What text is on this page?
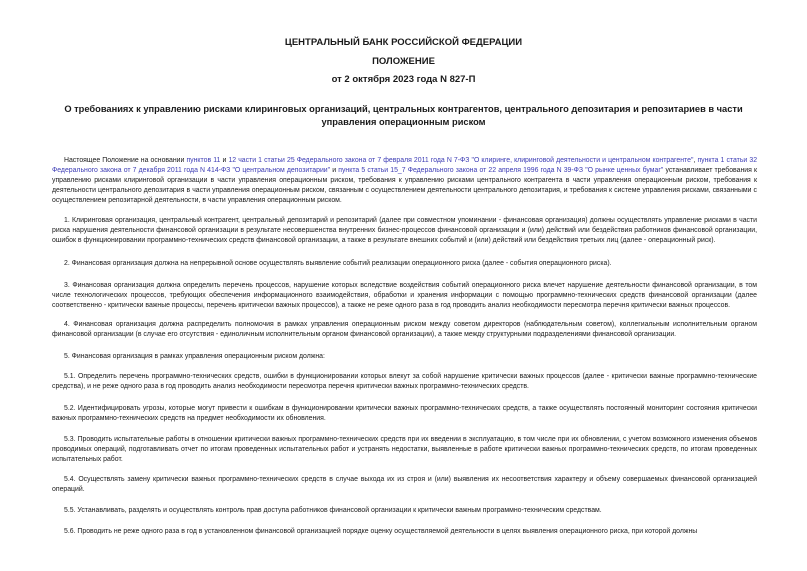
ЦЕНТРАЛЬНЫЙ БАНК РОССИЙСКОЙ ФЕДЕРАЦИИ
ПОЛОЖЕНИЕ
от 2 октября 2023 года N 827-П
О требованиях к управлению рисками клиринговых организаций, центральных контрагентов, центрального депозитария и репозитариев в части управления операционным риском

Настоящее Положение на основании пунктов 11 и 12 части 1 статьи 25 Федерального закона от 7 февраля 2011 года N 7-ФЗ "О клиринге, клиринговой деятельности и центральном контрагенте", пункта 1 статьи 32 Федерального закона от 7 декабря 2011 года N 414-ФЗ "О центральном депозитарии" и пункта 5 статьи 15_7 Федерального закона от 22 апреля 1996 года N 39-ФЗ "О рынке ценных бумаг" устанавливает требования к управлению рисками клиринговой организации в части управления операционным риском, требования к управлению рисками центрального контрагента в части управления операционным риском, требования к деятельности центрального депозитария в части управления операционным риском, связанным с осуществлением деятельности центрального депозитария, и требования к системе управления рисками, связанными с осуществлением репозитарной деятельности, в части управления операционным риском.

1. Клиринговая организация, центральный контрагент, центральный депозитарий и репозитарий (далее при совместном упоминании - финансовая организация) должны осуществлять управление рисками в части риска нарушения деятельности финансовой организации в результате несовершенства внутренних бизнес-процессов финансовой организации и (или) действий или бездействия работников финансовой организации, ошибок в функционировании программно-технических средств финансовой организации, а также в результате внешних событий и (или) действий или бездействия третьих лиц (далее - операционный риск).

2. Финансовая организация должна на непрерывной основе осуществлять выявление событий реализации операционного риска (далее - события операционного риска).

3. Финансовая организация должна определить перечень процессов, нарушение которых вследствие воздействия событий операционного риска влечет нарушение деятельности финансовой организации, в том числе технологических процессов, требующих обеспечения информационного взаимодействия, обработки и хранения информации с помощью программно-технических средств финансовой организации (далее соответственно - критически важные процессы, перечень критически важных процессов), а также не реже одного раза в год проводить анализ необходимости пересмотра перечня критически важных процессов.

4. Финансовая организация должна распределить полномочия в рамках управления операционным риском между советом директоров (наблюдательным советом), коллегиальным исполнительным органом финансовой организации (в случае его отсутствия - единоличным исполнительным органом финансовой организации), а также между структурными подразделениями финансовой организации.

5. Финансовая организация в рамках управления операционным риском должна:

5.1. Определить перечень программно-технических средств, ошибки в функционировании которых влекут за собой нарушение критически важных процессов (далее - критически важные программно-технические средства), и не реже одного раза в год проводить анализ необходимости пересмотра перечня критически важных программно-технических средств.

5.2. Идентифицировать угрозы, которые могут привести к ошибкам в функционировании критически важных программно-технических средств, а также осуществлять постоянный мониторинг состояния критически важных программно-технических средств на предмет необходимости их обновления.

5.3. Проводить испытательные работы в отношении критически важных программно-технических средств при их введении в эксплуатацию, в том числе при их обновлении, с учетом возможного изменения объемов проводимых операций, подготавливать отчет по итогам проведенных испытательных работ и устранять недостатки, выявленные в работе критически важных программно-технических средств, по итогам проведенных испытательных работ.

5.4. Осуществлять замену критически важных программно-технических средств в случае выхода их из строя и (или) выявления их несоответствия характеру и объему совершаемых финансовой организацией операций.

5.5. Устанавливать, разделять и осуществлять контроль прав доступа работников финансовой организации к критически важным программно-техническим средствам.

5.6. Проводить не реже одного раза в год в установленном финансовой организацией порядке оценку осуществляемой деятельности в целях выявления операционного риска, при которой должны
